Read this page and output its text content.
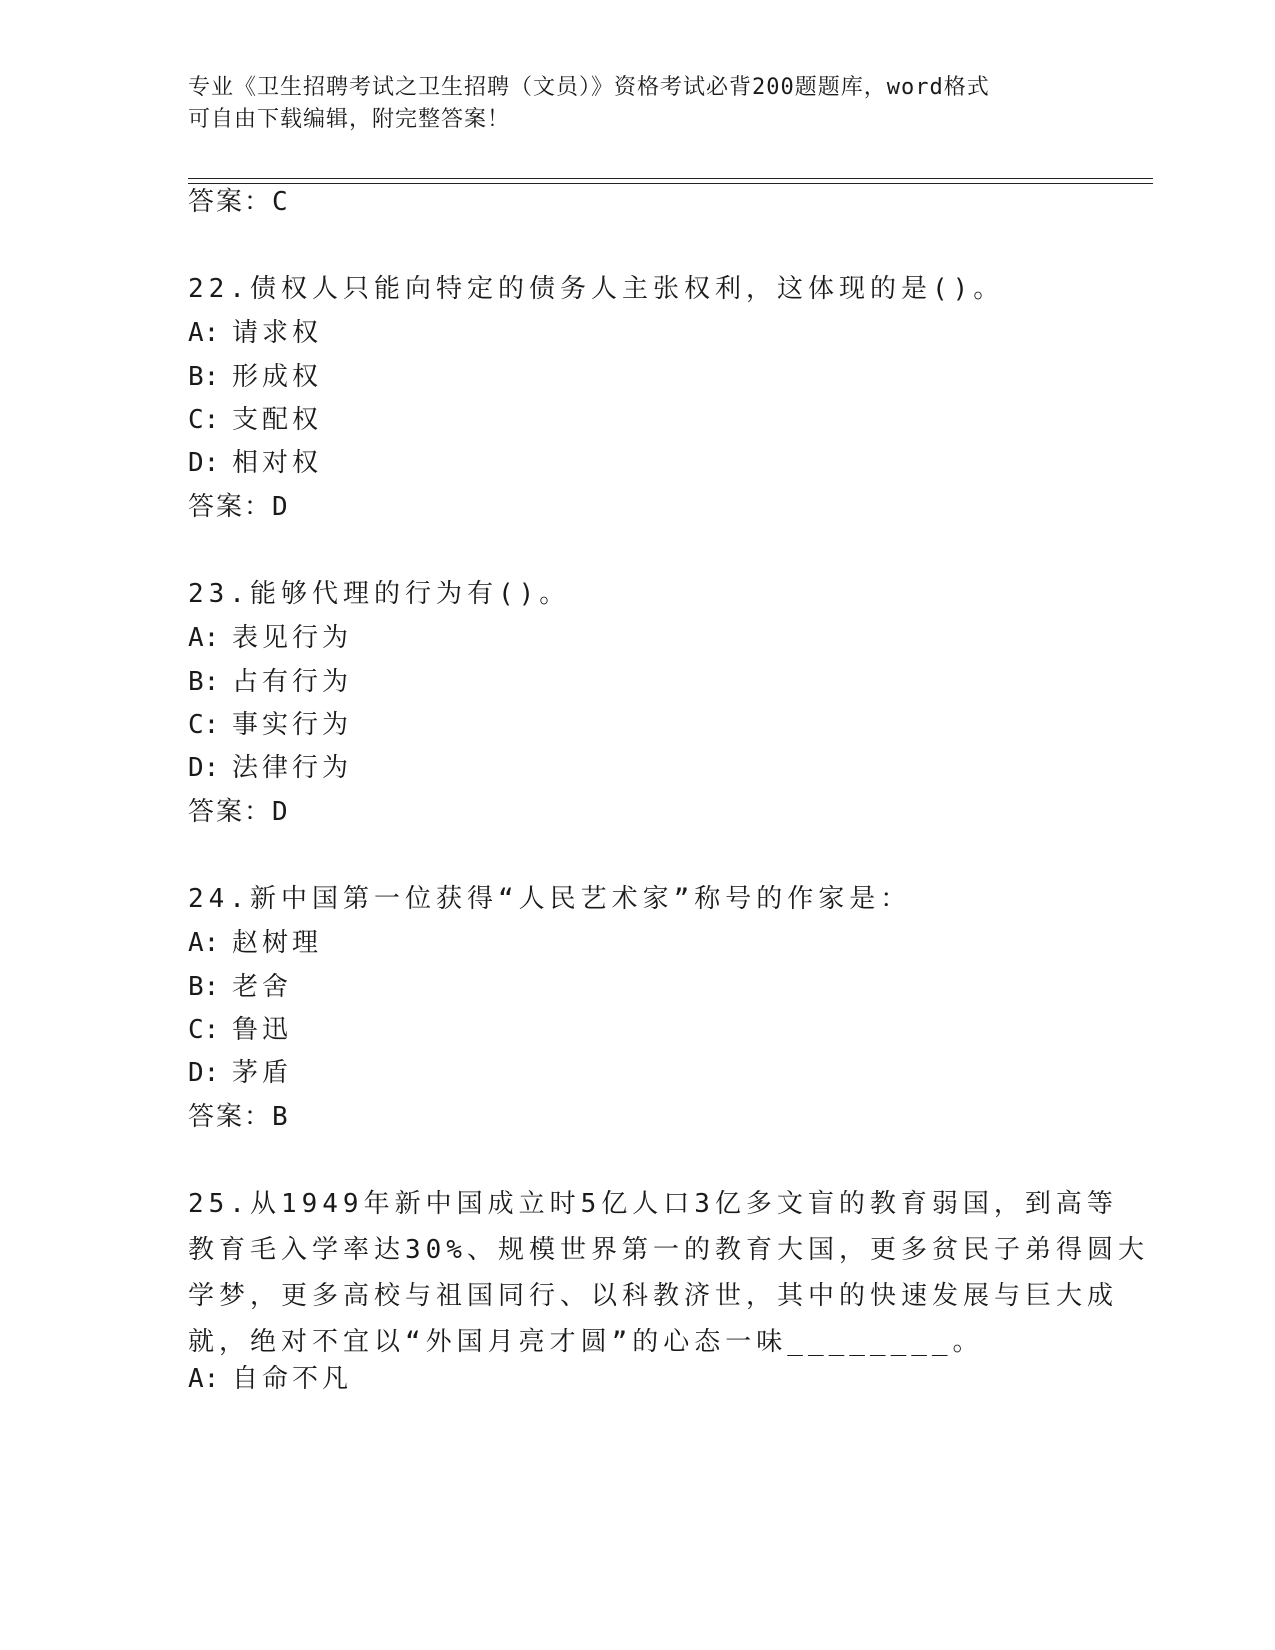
专业《卫生招聘考试之卫生招聘（文员）》资格考试必背200题题库，word格式
可自由下载编辑，附完整答案！
答案：C
22.债权人只能向特定的债务人主张权利，这体现的是()。
A: 请求权
B: 形成权
C: 支配权
D: 相对权
答案：D
23.能够代理的行为有()。
A: 表见行为
B: 占有行为
C: 事实行为
D: 法律行为
答案：D
24.新中国第一位获得“人民艺术家”称号的作家是：
A: 赵树理
B: 老舍
C: 鲁迅
D: 茅盾
答案：B
25.从1949年新中国成立时5亿人口3亿多文盲的教育弱国，到高等
教育毛入学率达30%、规模世界第一的教育大国，更多贫民子弟得圆大
学梦，更多高校与祖国同行、以科教济世，其中的快速发展与巨大成
就，绝对不宜以“外国月亮才圆”的心态一味________。
A: 自命不凡
